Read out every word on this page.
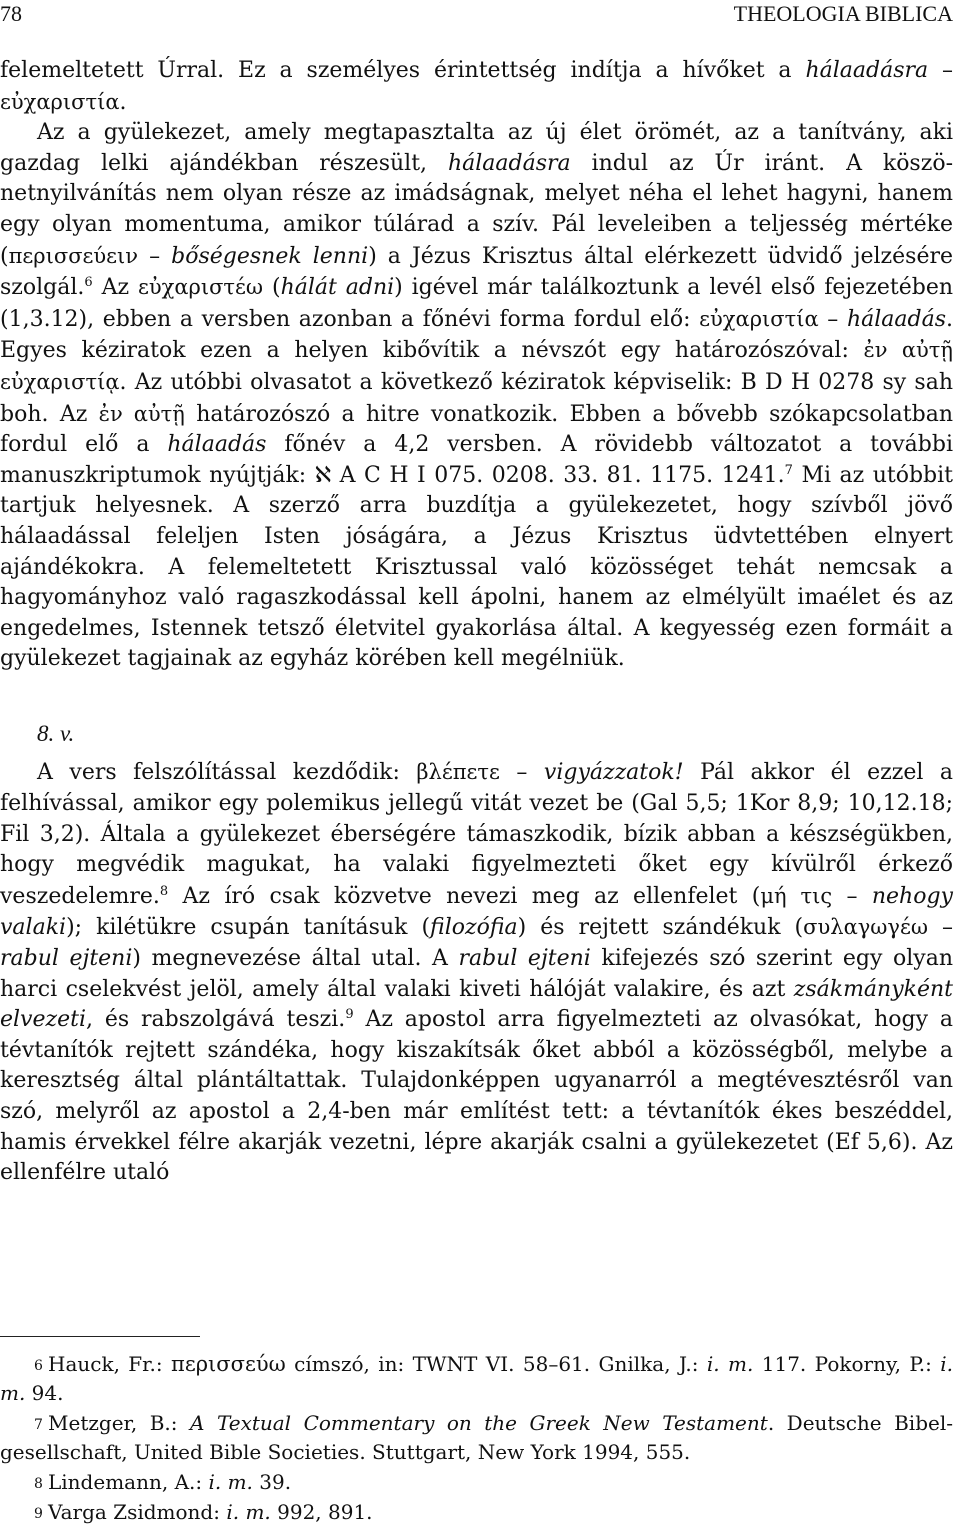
78	THEOLOGIA BIBLICA

felemeltetett Úrral. Ez a személyes érintettség indítja a hívőket a hálaadásra – εὐχαριστία.

Az a gyülekezet, amely megtapasztalta az új élet örömét, az a tanítvány, aki gazdag lelki ajándékban részesült, hálaadásra indul az Úr iránt. A köszönetnyilvánítás nem olyan része az imádságnak, melyet néha el lehet hagyni, hanem egy olyan momentuma, amikor túlárad a szív. Pál leveleiben a teljesség mértéke (περισσεύειν – bőségesnek lenni) a Jézus Krisztus által elérkezett üdvidő jelzésére szolgál.$^6$ Az εὐχαριστέω (hálát adni) igével már találkoztunk a levél első fejezetében (1,3.12), ebben a versben azonban a főnévi forma fordul elő: εὐχαριστία – hálaadás. Egyes kéziratok ezen a helyen kibővítik a névszót egy határozószóval: ἐν αὐτῇ εὐχαριστίᾳ. Az utóbbi olvasatot a következő kéziratok képviselik: B D H 0278 sy sah boh. Az ἐν αὐτῇ határozószó a hitre vonatkozik. Ebben a bővebb szókapcsolatban fordul elő a hálaadás főnév a 4,2 versben. A rövidebb változatot a további manuszkriptumok nyújtják: ℵ A C H I 075. 0208. 33. 81. 1175. 1241.$^7$ Mi az utóbbit tartjuk helyesnek. A szerző arra buzdítja a gyülekezetet, hogy szívből jövő hálaadással feleljen Isten jóságára, a Jézus Krisztus üdvtettében elnyert ajándékokra. A felemeltetett Krisztussal való közösséget tehát nemcsak a hagyományhoz való ragaszkodással kell ápolni, hanem az elmélyült imaélet és az engedelmes, Istennek tetsző életvitel gyakorlása által. A kegyesség ezen formáit a gyülekezet tagjainak az egyház körében kell megélniük.

8. v.

A vers felszólítással kezdődik: βλέπετε – vigyázzatok! Pál akkor él ezzel a felhívással, amikor egy polemikus jellegű vitát vezet be (Gal 5,5; 1Kor 8,9; 10,12.18; Fil 3,2). Általa a gyülekezet éberségére támaszkodik, bízik abban a készségükben, hogy megvédik magukat, ha valaki figyelmezteti őket egy kívülről érkező veszedelemre.$^8$ Az író csak közvetve nevezi meg az ellenfelet (μή τις – nehogy valaki); kilétükre csupán tanításuk (filozófia) és rejtett szándékuk (συλαγωγέω – rabul ejteni) megnevezése által utal. A rabul ejteni kifejezés szó szerint egy olyan harci cselekvést jelöl, amely által valaki kiveti hálóját valakire, és azt zsákmányként elvezeti, és rabszolgává teszi.$^9$ Az apostol arra figyelmezteti az olvasókat, hogy a tévtanítók rejtett szándéka, hogy kiszakítsák őket abból a közösségből, melybe a keresztség által plántáltattak. Tulajdonképpen ugyanarról a megtévesztésről van szó, melyről az apostol a 2,4-ben már említést tett: a tévtanítók ékes beszéddel, hamis érvekkel félre akarják vezetni, lépre akarják csalni a gyülekezetet (Ef 5,6). Az ellenfélre utaló

$^6$ Hauck, Fr.: περισσεύω címszó, in: TWNT VI. 58–61. Gnilka, J.: i. m. 117. Pokorny, P.: i. m. 94.

$^7$ Metzger, B.: A Textual Commentary on the Greek New Testament. Deutsche Bibelgesellschaft, United Bible Societies. Stuttgart, New York 1994, 555.

$^8$ Lindemann, A.: i. m. 39.

$^9$ Varga Zsidmond: i. m. 992, 891.
